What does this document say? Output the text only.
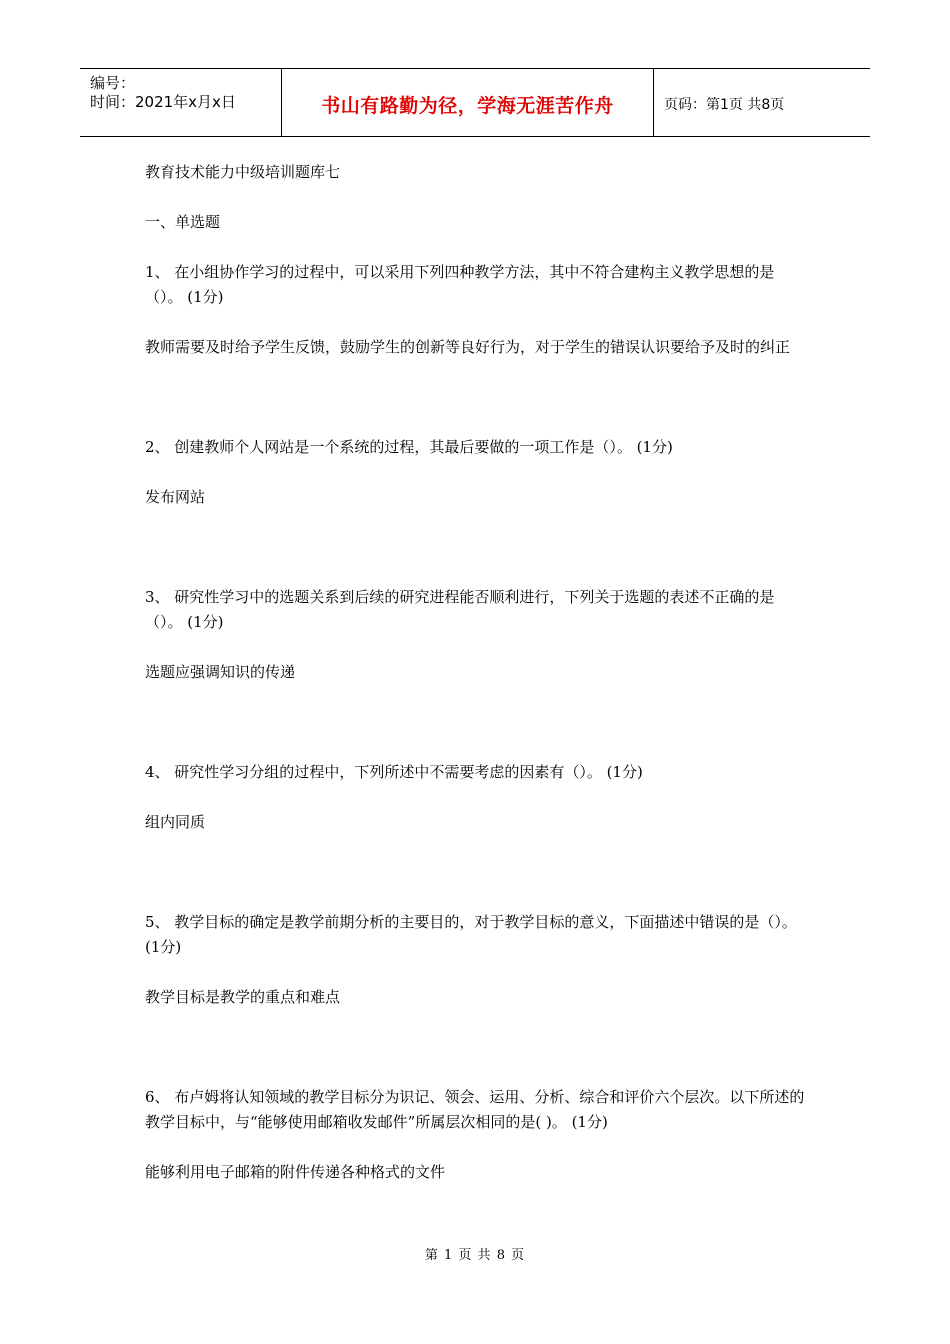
编号：
时间：2021年x月x日	书山有路勤为径，学海无涯苦作舟	页码：第1页 共8页

教育技术能力中级培训题库七

一、单选题

1、 在小组协作学习的过程中，可以采用下列四种教学方法，其中不符合建构主义教学思想的是（）。 (1分)

教师需要及时给予学生反馈，鼓励学生的创新等良好行为，对于学生的错误认识要给予及时的纠正

2、 创建教师个人网站是一个系统的过程，其最后要做的一项工作是（）。 (1分)

发布网站

3、 研究性学习中的选题关系到后续的研究进程能否顺利进行，下列关于选题的表述不正确的是（）。 (1分)

选题应强调知识的传递

4、 研究性学习分组的过程中，下列所述中不需要考虑的因素有（）。 (1分)

组内同质

5、 教学目标的确定是教学前期分析的主要目的，对于教学目标的意义，下面描述中错误的是（）。 (1分)

教学目标是教学的重点和难点

6、 布卢姆将认知领域的教学目标分为识记、领会、运用、分析、综合和评价六个层次。以下所述的教学目标中，与“能够使用邮箱收发邮件”所属层次相同的是( )。 (1分)

能够利用电子邮箱的附件传递各种格式的文件

第 1 页 共 8 页
